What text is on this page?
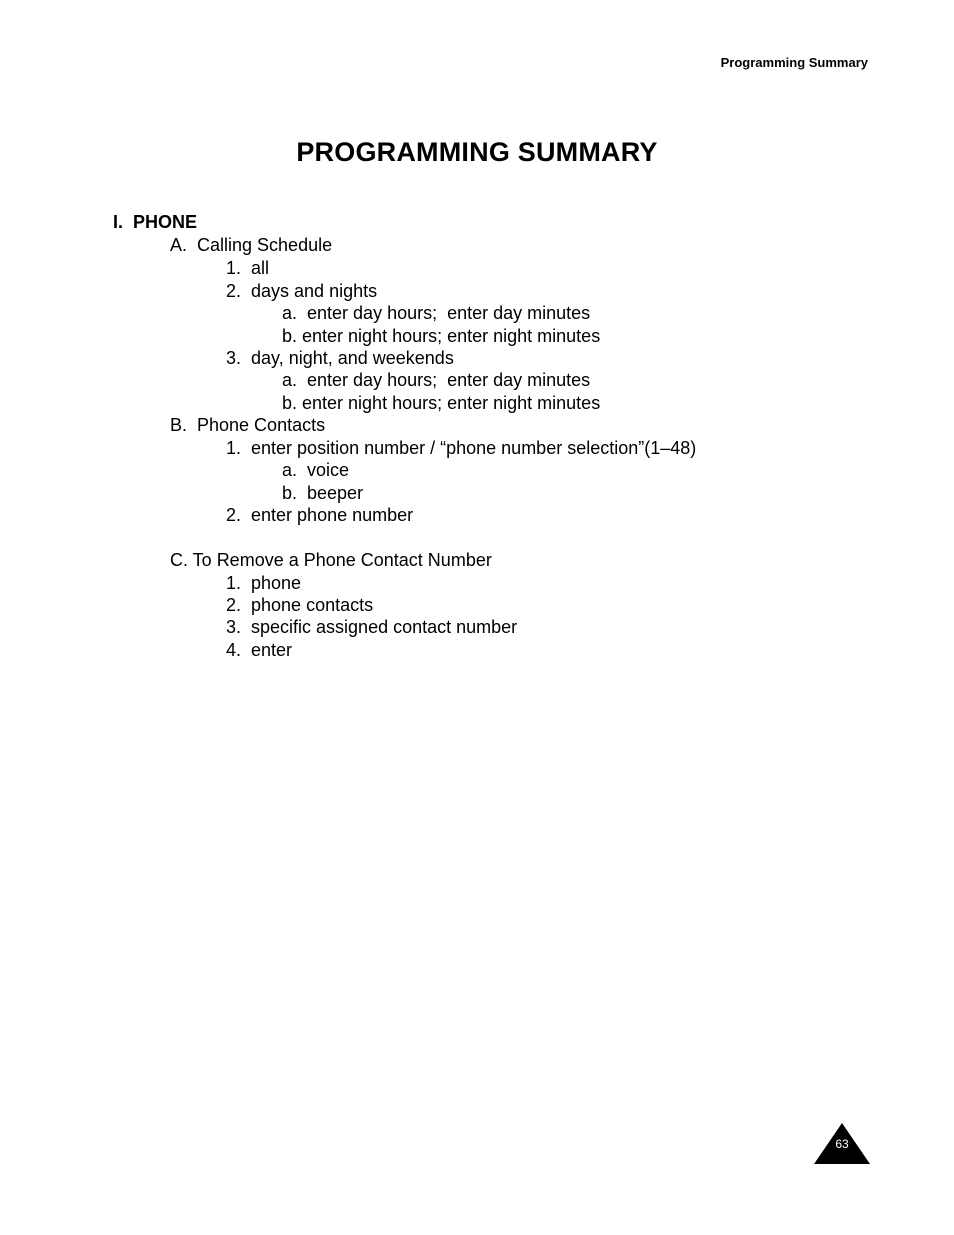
Programming Summary
PROGRAMMING SUMMARY
I.  PHONE
A.  Calling Schedule
1.  all
2.  days and nights
a.  enter day hours;  enter day minutes
b. enter night hours; enter night minutes
3.  day, night, and weekends
a.  enter day hours;  enter day minutes
b. enter night hours; enter night minutes
B.  Phone Contacts
1.  enter position number / “phone number selection”(1–48)
a.  voice
b.  beeper
2.  enter phone number
C. To Remove a Phone Contact Number
1.  phone
2.  phone contacts
3.  specific assigned contact number
4.  enter
63
